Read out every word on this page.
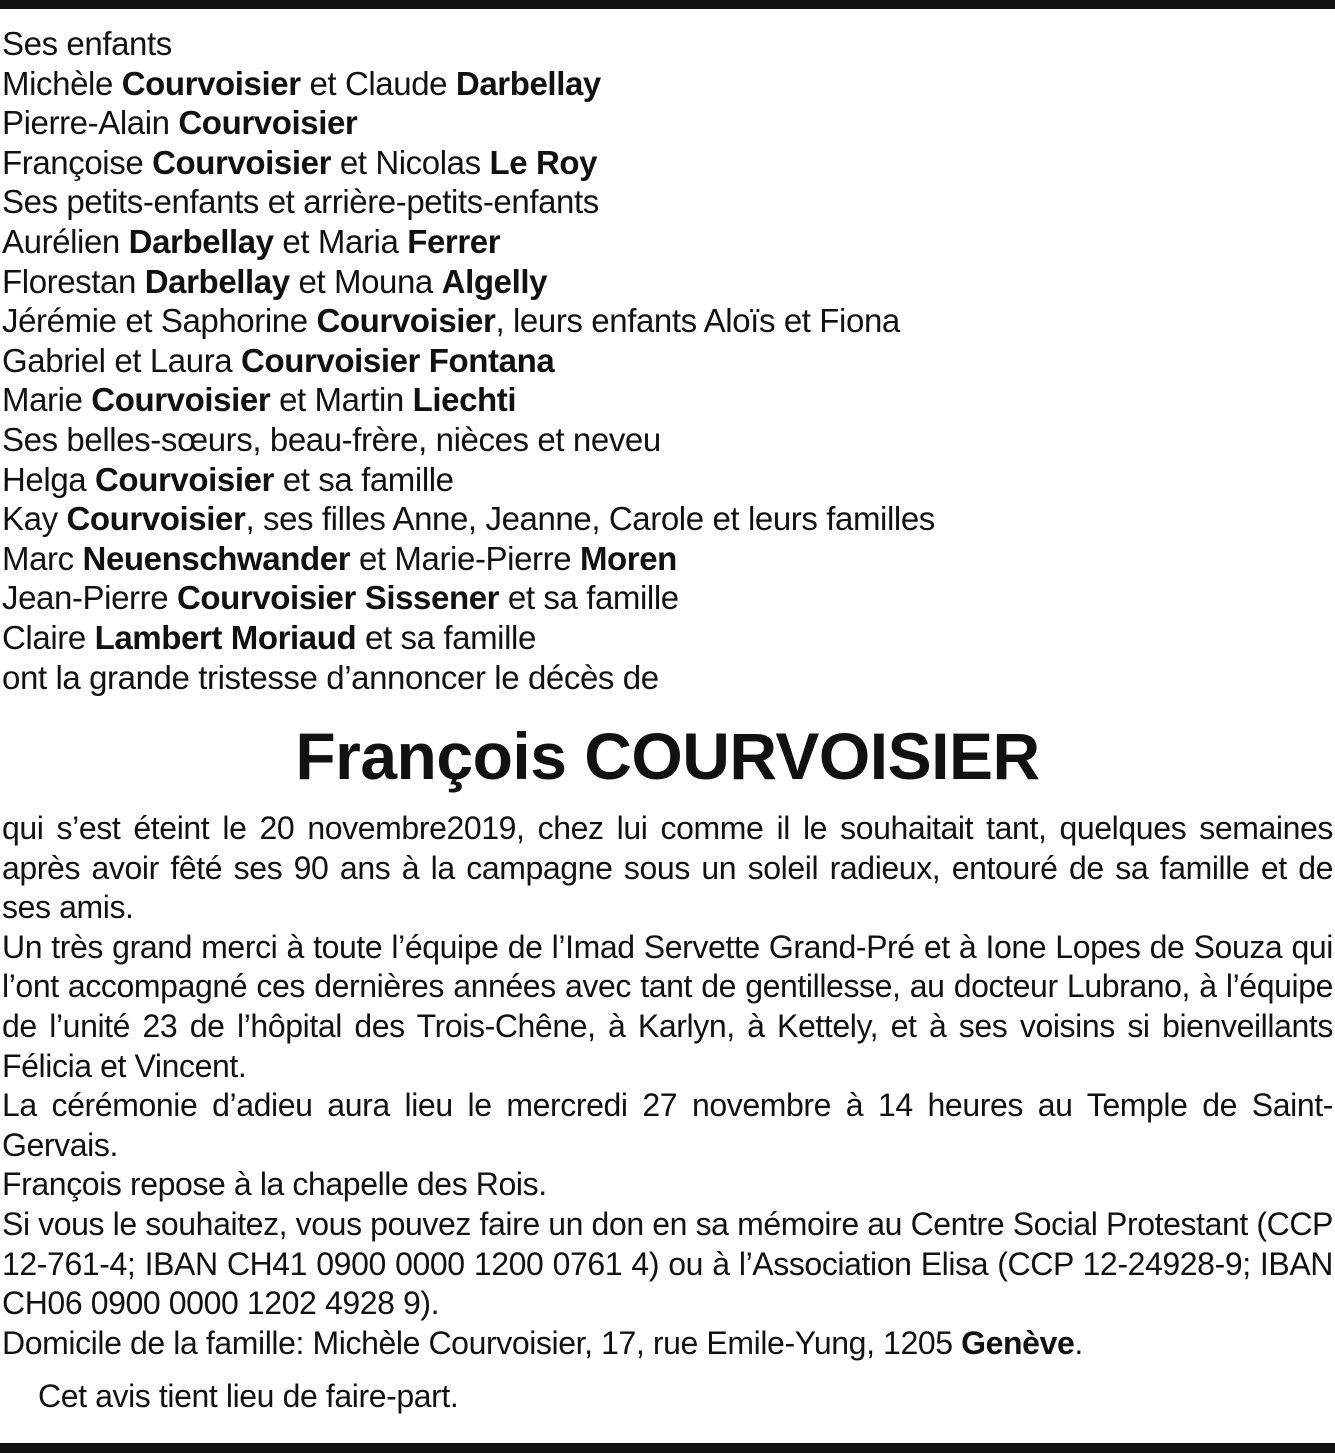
Ses enfants
Michèle Courvoisier et Claude Darbellay
Pierre-Alain Courvoisier
Françoise Courvoisier et Nicolas Le Roy
Ses petits-enfants et arrière-petits-enfants
Aurélien Darbellay et Maria Ferrer
Florestan Darbellay et Mouna Algelly
Jérémie et Saphorine Courvoisier, leurs enfants Aloïs et Fiona
Gabriel et Laura Courvoisier Fontana
Marie Courvoisier et Martin Liechti
Ses belles-sœurs, beau-frère, nièces et neveu
Helga Courvoisier et sa famille
Kay Courvoisier, ses filles Anne, Jeanne, Carole et leurs familles
Marc Neuenschwander et Marie-Pierre Moren
Jean-Pierre Courvoisier Sissener et sa famille
Claire Lambert Moriaud et sa famille
ont la grande tristesse d’annoncer le décès de
François COURVOISIER

qui s’est éteint le 20 novembre2019, chez lui comme il le souhaitait tant, quelques semaines après avoir fêté ses 90 ans à la campagne sous un soleil radieux, entouré de sa famille et de ses amis.

Un très grand merci à toute l’équipe de l’Imad Servette Grand-Pré et à Ione Lopes de Souza qui l’ont accompagné ces dernières années avec tant de gentillesse, au docteur Lubrano, à l’équipe de l’unité 23 de l’hôpital des Trois-Chêne, à Karlyn, à Kettely, et à ses voisins si bienveillants Félicia et Vincent.

La cérémonie d’adieu aura lieu le mercredi 27 novembre à 14 heures au Temple de Saint-Gervais.

François repose à la chapelle des Rois.

Si vous le souhaitez, vous pouvez faire un don en sa mémoire au Centre Social Protestant (CCP 12-761-4; IBAN CH41 0900 0000 1200 0761 4) ou à l’Association Elisa (CCP 12-24928-9; IBAN CH06 0900 0000 1202 4928 9).

Domicile de la famille: Michèle Courvoisier, 17, rue Emile-Yung, 1205 Genève.

Cet avis tient lieu de faire-part.
